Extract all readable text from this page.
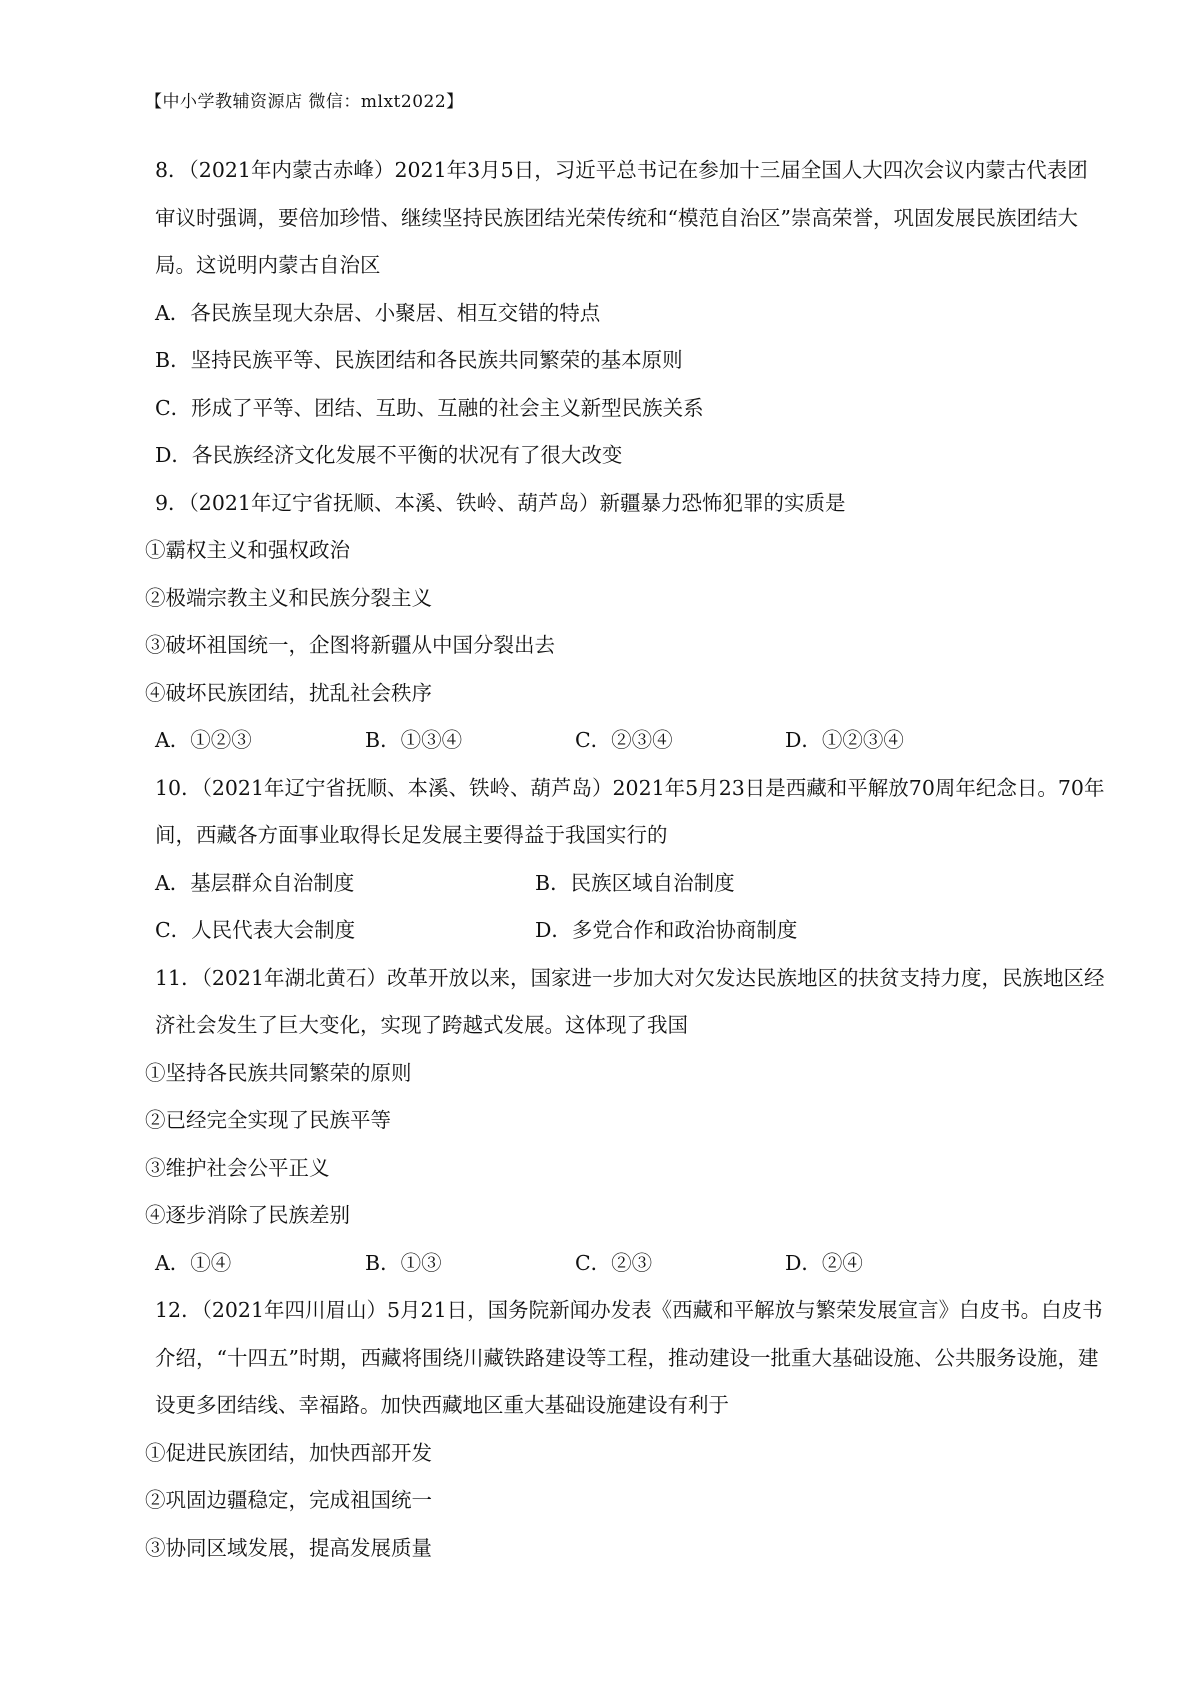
【中小学教辅资源店 微信：mlxt2022】
8．（2021年内蒙古赤峰）2021年3月5日，习近平总书记在参加十三届全国人大四次会议内蒙古代表团审议时强调，要倍加珍惜、继续坚持民族团结光荣传统和“模范自治区”崇高荣誉，巩固发展民族团结大局。这说明内蒙古自治区
A．各民族呈现大杂居、小聚居、相互交错的特点
B．坚持民族平等、民族团结和各民族共同繁荣的基本原则
C．形成了平等、团结、互助、互融的社会主义新型民族关系
D．各民族经济文化发展不平衡的状况有了很大改变
9．（2021年辽宁省抚顺、本溪、铁岭、葫芦岛）新疆暴力恐怖犯罪的实质是
①霸权主义和强权政治
②极端宗教主义和民族分裂主义
③破坏祖国统一，企图将新疆从中国分裂出去
④破坏民族团结，扰乱社会秩序
A．①②③	B．①③④	C．②③④	D．①②③④
10．（2021年辽宁省抚顺、本溪、铁岭、葫芦岛）2021年5月23日是西藏和平解放70周年纪念日。70年间，西藏各方面事业取得长足发展主要得益于我国实行的
A．基层群众自治制度	B．民族区域自治制度
C．人民代表大会制度	D．多党合作和政治协商制度
11．（2021年湖北黄石）改革开放以来，国家进一步加大对欠发达民族地区的扶贫支持力度，民族地区经济社会发生了巨大变化，实现了跨越式发展。这体现了我国
①坚持各民族共同繁荣的原则
②已经完全实现了民族平等
③维护社会公平正义
④逐步消除了民族差别
A．①④	B．①③	C．②③	D．②④
12．（2021年四川眉山）5月21日，国务院新闻办发表《西藏和平解放与繁荣发展宣言》白皮书。白皮书介绍，“十四五”时期，西藏将围绕川藏铁路建设等工程，推动建设一批重大基础设施、公共服务设施，建设更多团结线、幸福路。加快西藏地区重大基础设施建设有利于
①促进民族团结，加快西部开发
②巩固边疆稳定，完成祖国统一
③协同区域发展，提高发展质量
